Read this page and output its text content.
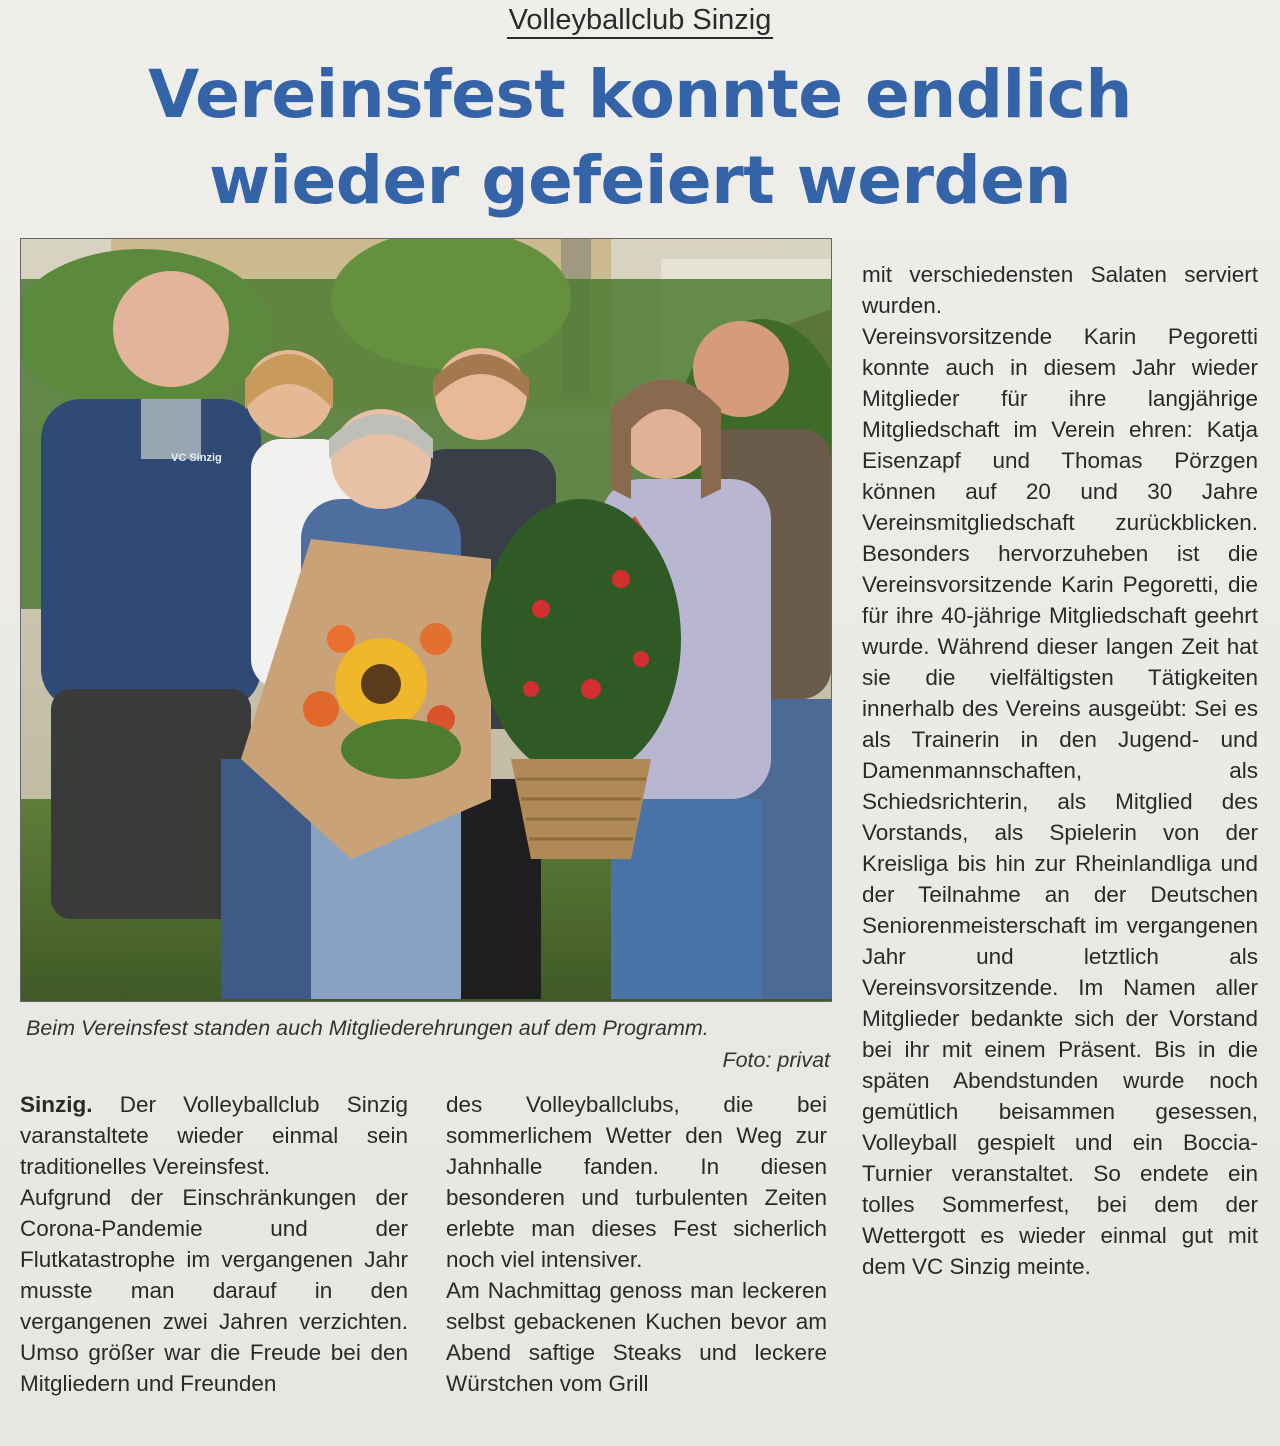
Volleyballclub Sinzig
Vereinsfest konnte endlich
wieder gefeiert werden
VC Sinzig
Beim Vereinsfest standen auch Mitgliederehrungen auf dem Programm.
Foto: privat

Sinzig. Der Volleyballclub Sinzig varanstaltete wieder einmal sein traditionelles Vereinsfest.

Aufgrund der Einschränkungen der Corona-Pandemie und der Flutkatastrophe im vergangenen Jahr musste man darauf in den vergangenen zwei Jahren verzichten. Umso größer war die Freude bei den Mitgliedern und Freunden

des Volleyballclubs, die bei sommerlichem Wetter den Weg zur Jahnhalle fanden. In diesen besonderen und turbulenten Zeiten erlebte man dieses Fest sicherlich noch viel intensiver.

Am Nachmittag genoss man leckeren selbst gebackenen Kuchen bevor am Abend saftige Steaks und leckere Würstchen vom Grill

mit verschiedensten Salaten serviert wurden.

Vereinsvorsitzende Karin Pegoretti konnte auch in diesem Jahr wieder Mitglieder für ihre langjährige Mitgliedschaft im Verein ehren: Katja Eisenzapf und Thomas Pörzgen können auf 20 und 30 Jahre Vereinsmitgliedschaft zurückblicken. Besonders hervorzuheben ist die Vereinsvorsitzende Karin Pegoretti, die für ihre 40-jährige Mitgliedschaft geehrt wurde. Während dieser langen Zeit hat sie die vielfältigsten Tätigkeiten innerhalb des Vereins ausgeübt: Sei es als Trainerin in den Jugend- und Damenmannschaften, als Schiedsrichterin, als Mitglied des Vorstands, als Spielerin von der Kreisliga bis hin zur Rheinlandliga und der Teilnahme an der Deutschen Seniorenmeisterschaft im vergangenen Jahr und letztlich als Vereinsvorsitzende. Im Namen aller Mitglieder bedankte sich der Vorstand bei ihr mit einem Präsent. Bis in die späten Abendstunden wurde noch gemütlich beisammen gesessen, Volleyball gespielt und ein Boccia-Turnier veranstaltet. So endete ein tolles Sommerfest, bei dem der Wettergott es wieder einmal gut mit dem VC Sinzig meinte.
